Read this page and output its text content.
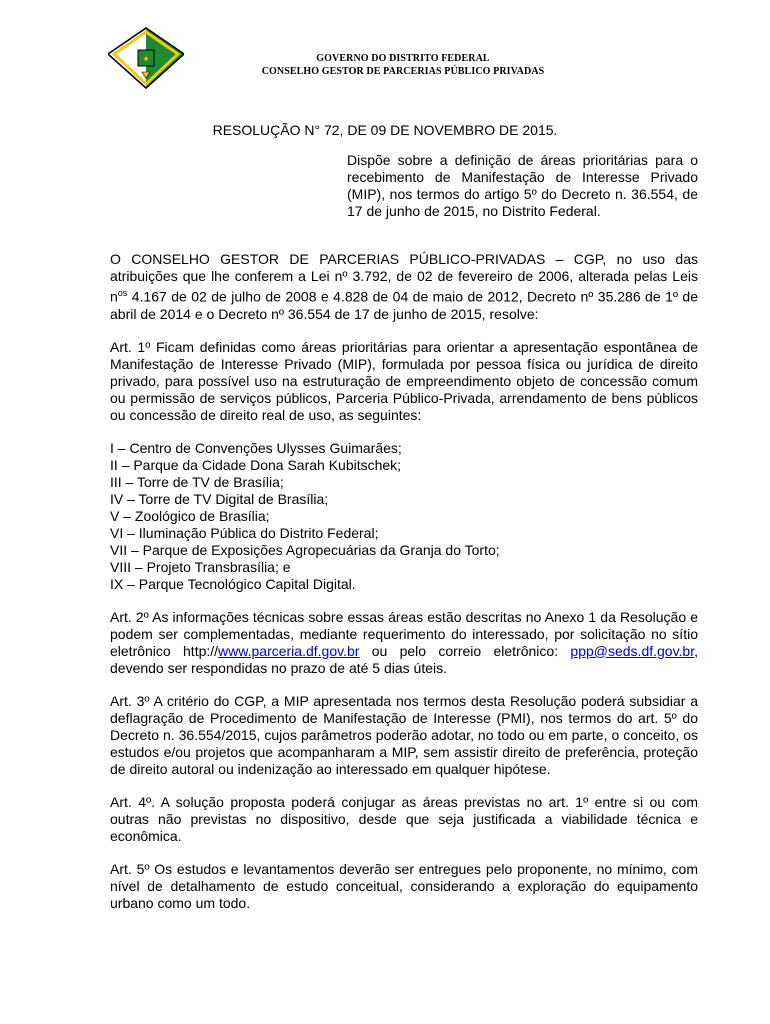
✦	GOVERNO DO DISTRITO FEDERAL
CONSELHO GESTOR DE PARCERIAS PÚBLICO PRIVADAS
RESOLUÇÃO N° 72, DE 09 DE NOVEMBRO DE 2015.
Dispõe sobre a definição de áreas prioritárias para o recebimento de Manifestação de Interesse Privado (MIP), nos termos do artigo 5º do Decreto n. 36.554, de 17 de junho de 2015, no Distrito Federal.

O CONSELHO GESTOR DE PARCERIAS PÚBLICO-PRIVADAS – CGP, no uso das atribuições que lhe conferem a Lei nº 3.792, de 02 de fevereiro de 2006, alterada pelas Leis $n^{os}$ 4.167 de 02 de julho de 2008 e 4.828 de 04 de maio de 2012, Decreto nº 35.286 de 1º de abril de 2014 e o Decreto nº 36.554 de 17 de junho de 2015, resolve:

Art. 1º Ficam definidas como áreas prioritárias para orientar a apresentação espontânea de Manifestação de Interesse Privado (MIP), formulada por pessoa física ou jurídica de direito privado, para possível uso na estruturação de empreendimento objeto de concessão comum ou permissão de serviços públicos, Parceria Público-Privada, arrendamento de bens públicos ou concessão de direito real de uso, as seguintes:

I – Centro de Convenções Ulysses Guimarães;
II – Parque da Cidade Dona Sarah Kubitschek;
III – Torre de TV de Brasília;
IV – Torre de TV Digital de Brasília;
V – Zoológico de Brasília;
VI – Iluminação Pública do Distrito Federal;
VII – Parque de Exposições Agropecuárias da Granja do Torto;
VIII – Projeto Transbrasília; e
IX – Parque Tecnológico Capital Digital.

Art. 2º As informações técnicas sobre essas áreas estão descritas no Anexo 1 da Resolução e podem ser complementadas, mediante requerimento do interessado, por solicitação no sítio eletrônico http://www.parceria.df.gov.br ou pelo correio eletrônico: ppp@seds.df.gov.br, devendo ser respondidas no prazo de até 5 dias úteis.

Art. 3º A critério do CGP, a MIP apresentada nos termos desta Resolução poderá subsidiar a deflagração de Procedimento de Manifestação de Interesse (PMI), nos termos do art. 5º do Decreto n. 36.554/2015, cujos parâmetros poderão adotar, no todo ou em parte, o conceito, os estudos e/ou projetos que acompanharam a MIP, sem assistir direito de preferência, proteção de direito autoral ou indenização ao interessado em qualquer hipótese.

Art. 4º. A solução proposta poderá conjugar as áreas previstas no art. 1º entre si ou com outras não previstas no dispositivo, desde que seja justificada a viabilidade técnica e econômica.

Art. 5º Os estudos e levantamentos deverão ser entregues pelo proponente, no mínimo, com nível de detalhamento de estudo conceitual, considerando a exploração do equipamento urbano como um todo.
